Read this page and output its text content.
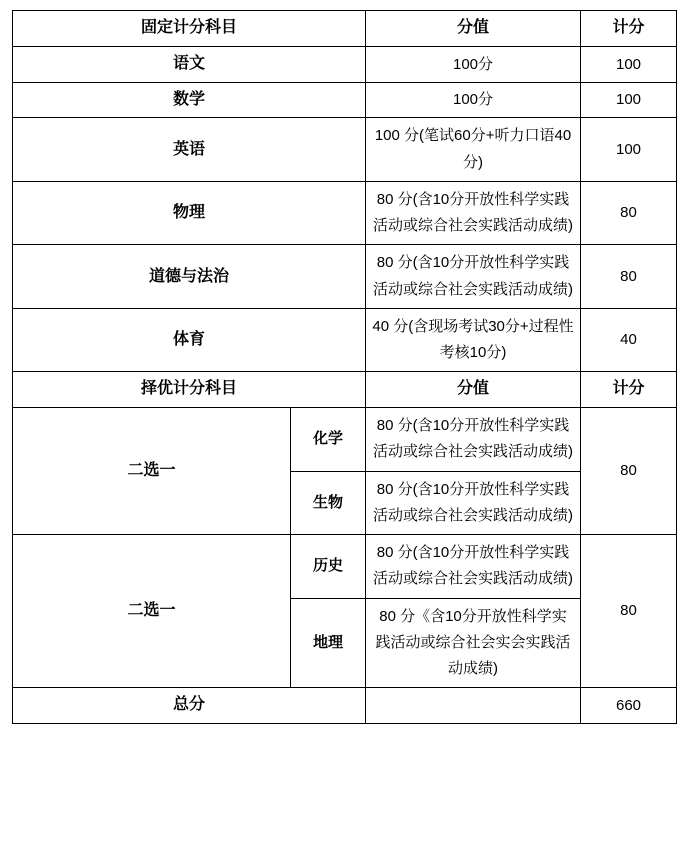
固定计分科目		分值	计分

语文		100分	100

数学		100分	100

英语		100 分(笔试60分+听力口语40分)	100

物理		80 分(含10分开放性科学实践活动或综合社会实践活动成绩)	80

道德与法治		80 分(含10分开放性科学实践活动或综合社会实践活动成绩)	80

体育		40 分(含现场考试30分+过程性考核10分)	40

择优计分科目		分值	计分

二选一	化学	80 分(含10分开放性科学实践活动或综合社会实践活动成绩)	80

	生物	80 分(含10分开放性科学实践活动或综合社会实践活动成绩)	

二选一	历史	80 分(含10分开放性科学实践活动或综合社会实践活动成绩)	80

	地理	80 分《含10分开放性科学实践活动或综合社会实会实践活动成绩)	

总分			660
